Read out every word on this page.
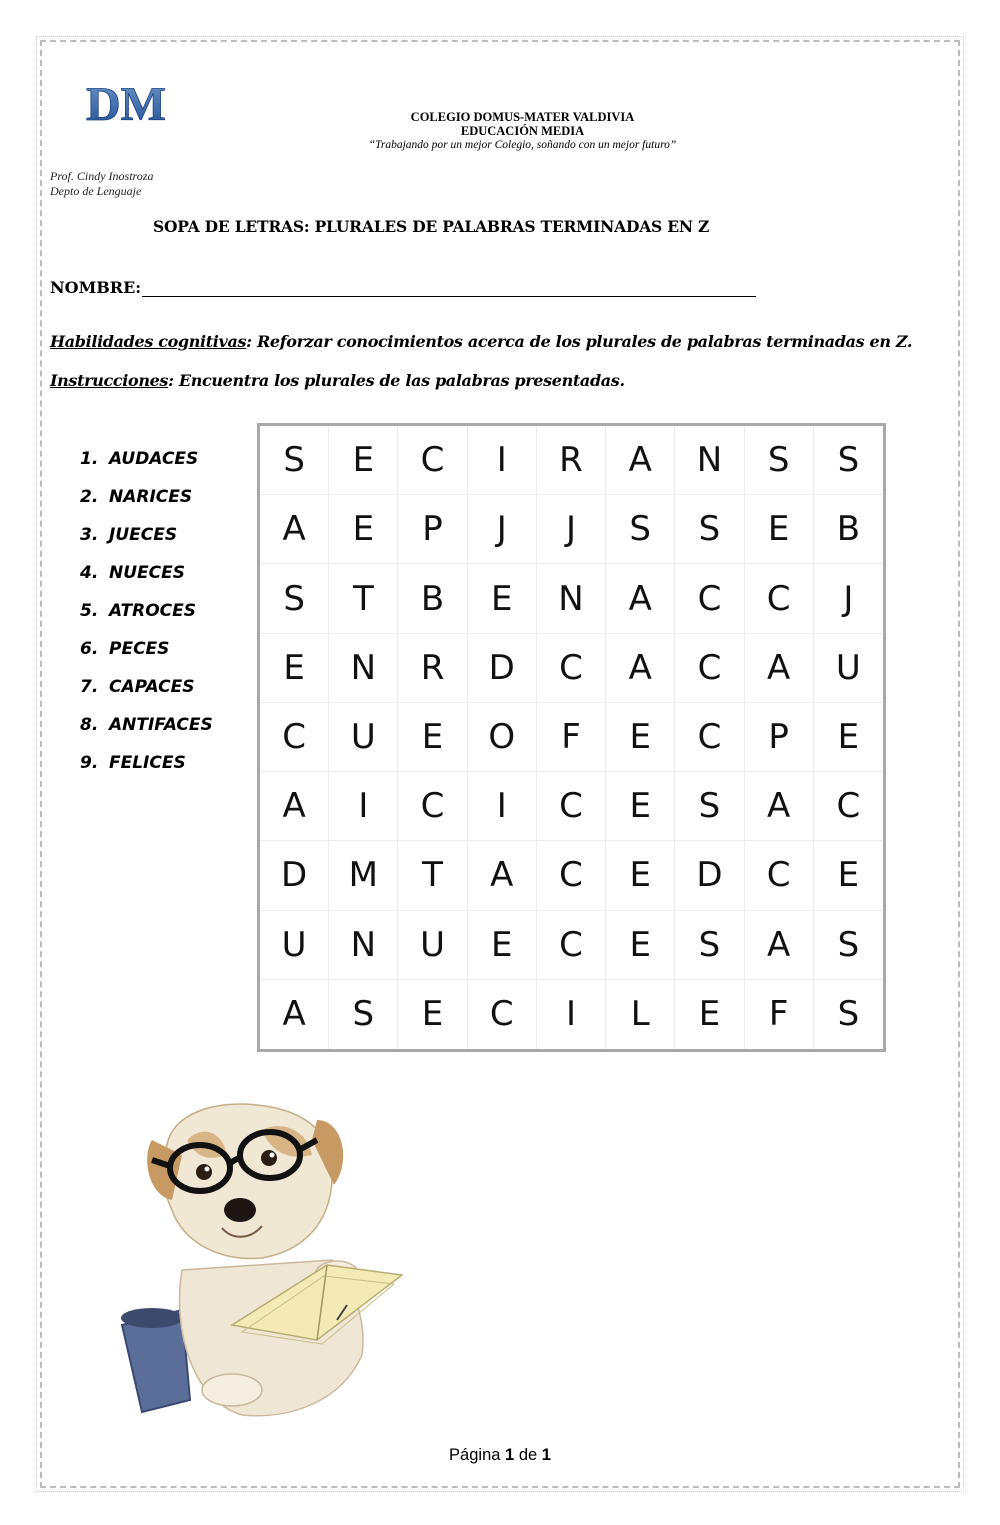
DM	COLEGIO DOMUS-MATER VALDIVIA
EDUCACIÓN MEDIA
“Trabajando por un mejor Colegio, soñando con un mejor futuro”
Prof. Cindy Inostroza
Depto de Lenguaje
SOPA DE LETRAS: PLURALES DE PALABRAS TERMINADAS EN Z
NOMBRE:
Habilidades cognitivas: Reforzar conocimientos acerca de los plurales de palabras terminadas en Z.
Instrucciones: Encuentra los plurales de las palabras presentadas.
1. AUDACES
2. NARICES
3. JUECES
4. NUECES
5. ATROCES
6. PECES
7. CAPACES
8. ANTIFACES
9. FELICES
S	E	C	I	R	A	N	S	S
A	E	P	J	J	S	S	E	B
S	T	B	E	N	A	C	C	J
E	N	R	D	C	A	C	A	U
C	U	E	O	F	E	C	P	E
A	I	C	I	C	E	S	A	C
D	M	T	A	C	E	D	C	E
U	N	U	E	C	E	S	A	S
A	S	E	C	I	L	E	F	S
Página 1 de 1
